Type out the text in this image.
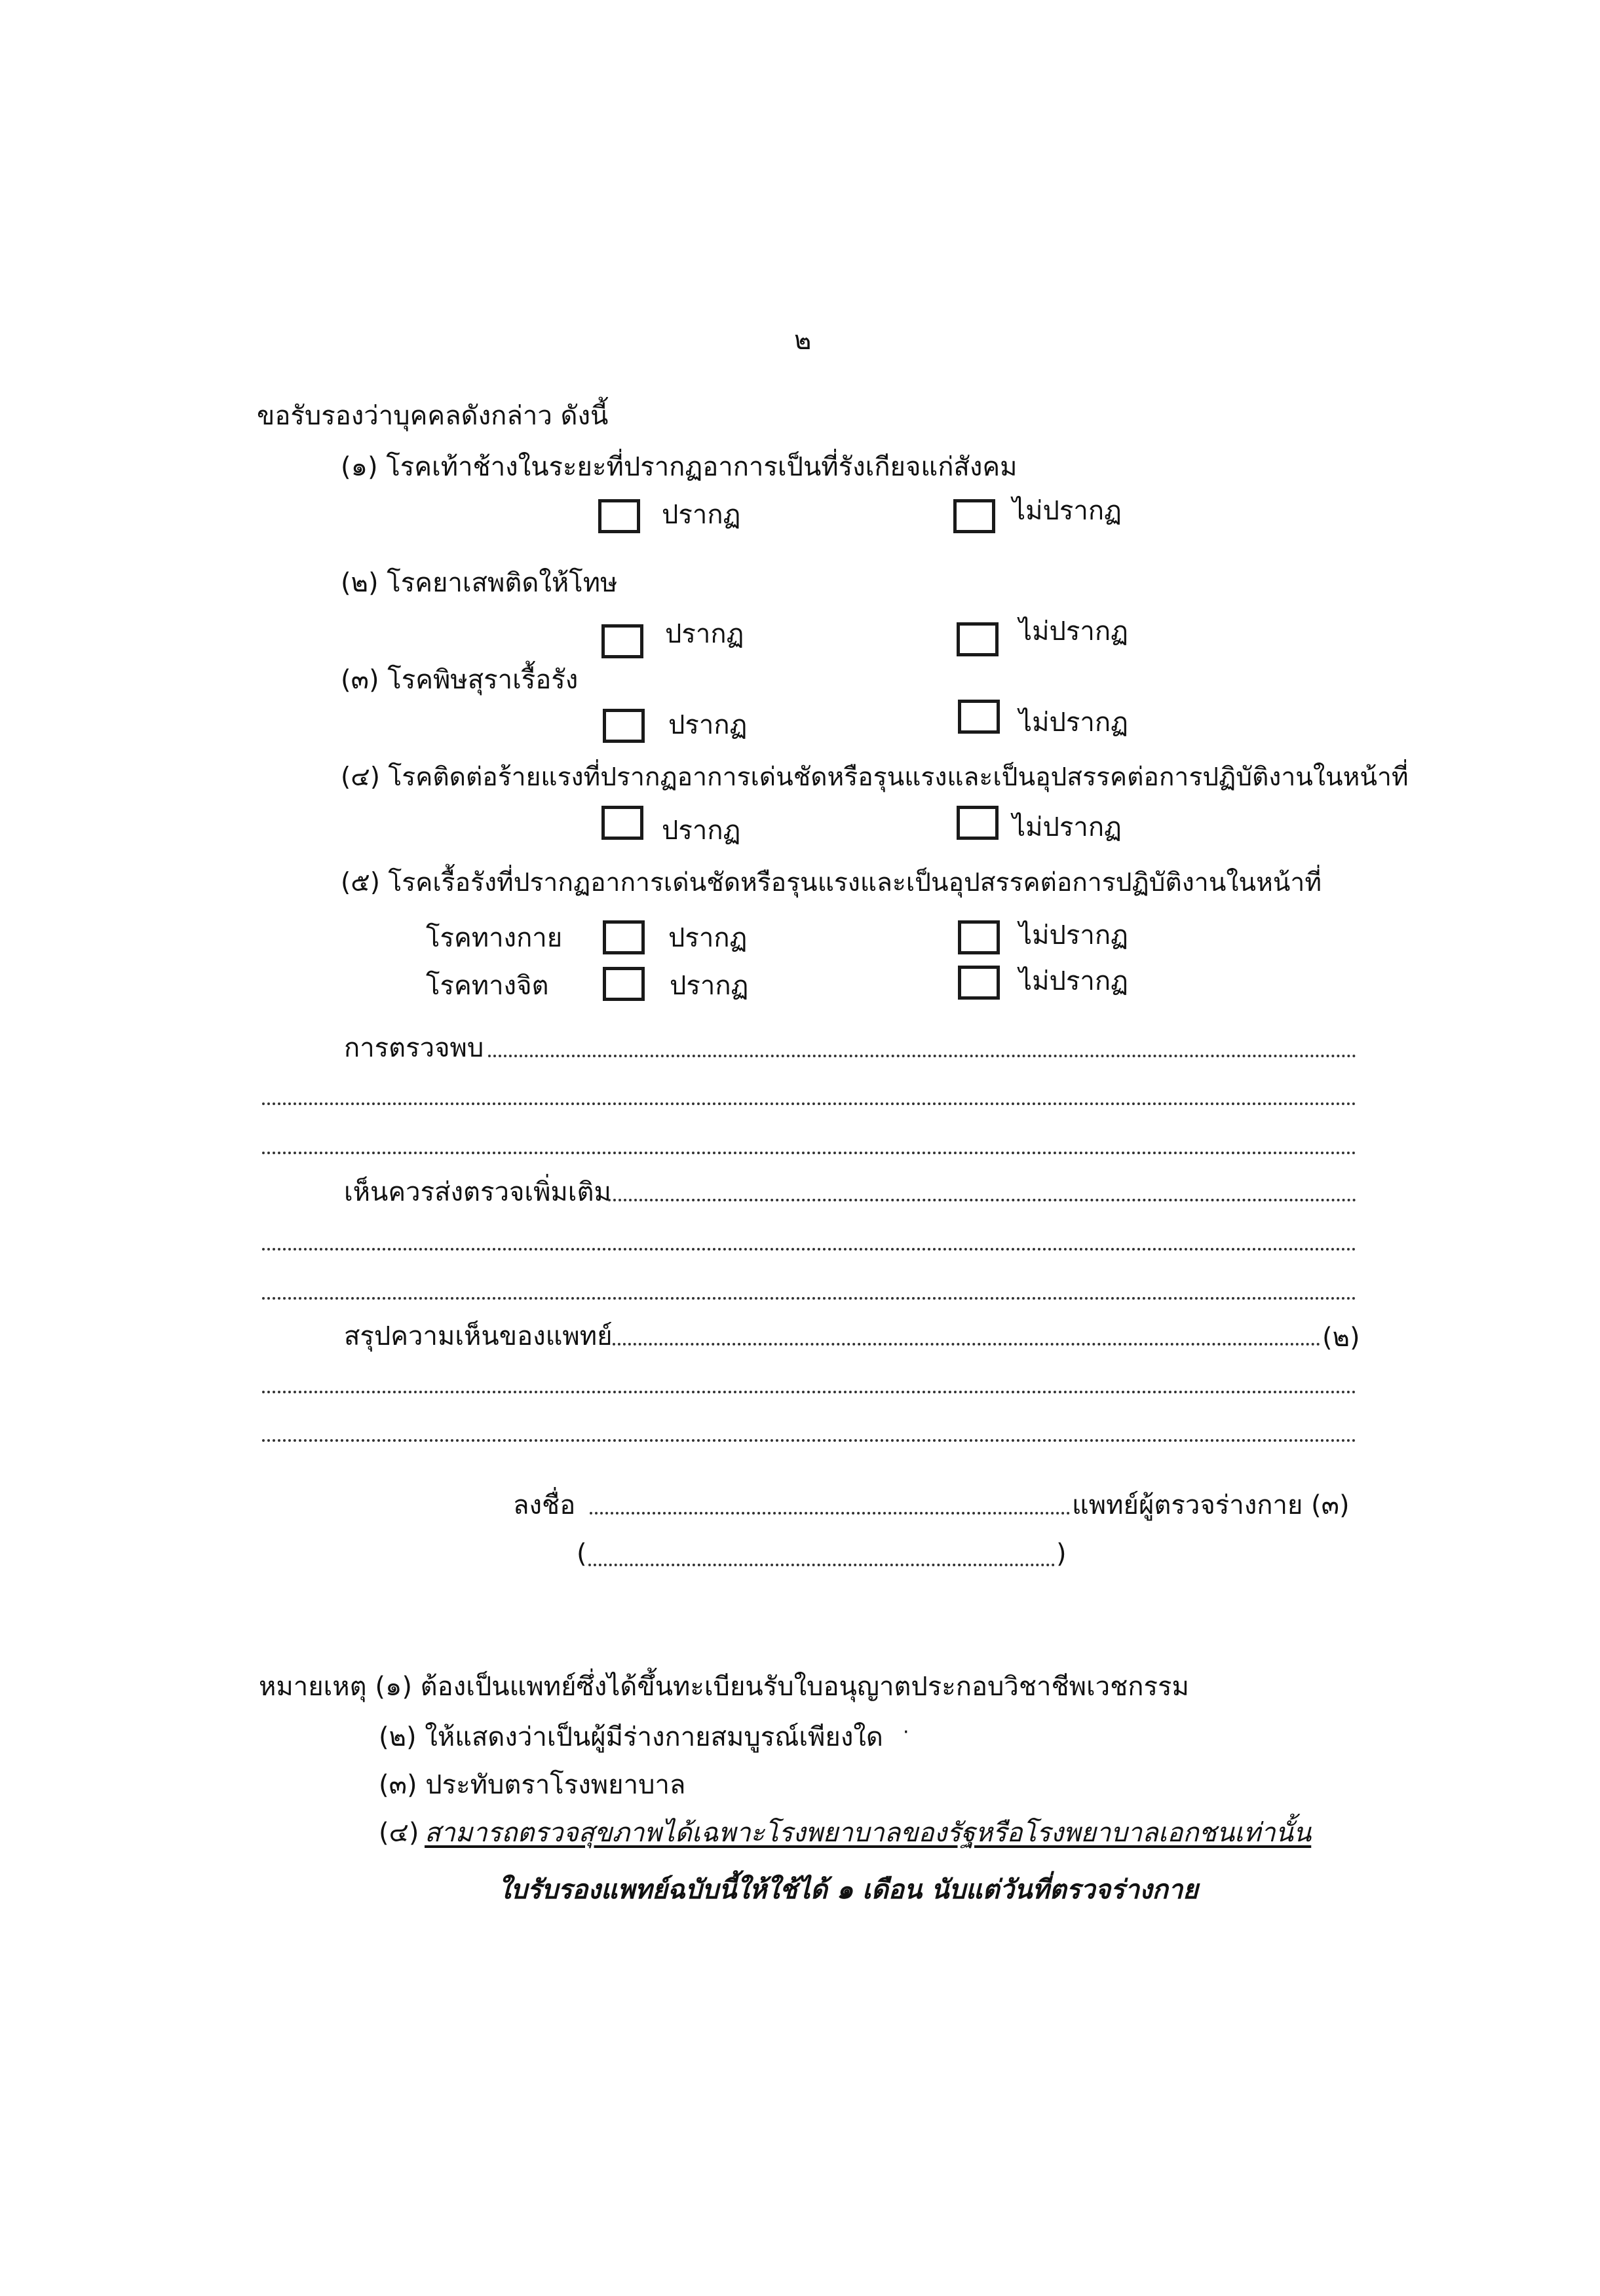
๒
ขอรับรองว่าบุคคลดังกล่าว ดังนี้
(๑) โรคเท้าช้างในระยะที่ปรากฏอาการเป็นที่รังเกียจแก่สังคม
ปรากฏ	ไม่ปรากฏ
(๒) โรคยาเสพติดให้โทษ
ปรากฏ	ไม่ปรากฏ
(๓) โรคพิษสุราเรื้อรัง
ปรากฏ	ไม่ปรากฏ
(๔) โรคติดต่อร้ายแรงที่ปรากฏอาการเด่นชัดหรือรุนแรงและเป็นอุปสรรคต่อการปฏิบัติงานในหน้าที่
ปรากฏ	ไม่ปรากฏ
(๕) โรคเรื้อรังที่ปรากฏอาการเด่นชัดหรือรุนแรงและเป็นอุปสรรคต่อการปฏิบัติงานในหน้าที่
โรคทางกาย	ปรากฏ	ไม่ปรากฏ
โรคทางจิต	ปรากฏ	ไม่ปรากฏ
การตรวจพบ
เห็นควรส่งตรวจเพิ่มเติม
สรุปความเห็นของแพทย์	(๒)
ลงชื่อ	แพทย์ผู้ตรวจร่างกาย (๓)
(	)
หมายเหตุ (๑) ต้องเป็นแพทย์ซึ่งได้ขึ้นทะเบียนรับใบอนุญาตประกอบวิชาชีพเวชกรรม
(๒) ให้แสดงว่าเป็นผู้มีร่างกายสมบูรณ์เพียงใด ·
(๓) ประทับตราโรงพยาบาล
(๔) สามารถตรวจสุขภาพได้เฉพาะโรงพยาบาลของรัฐหรือโรงพยาบาลเอกชนเท่านั้น
ใบรับรองแพทย์ฉบับนี้ให้ใช้ได้ ๑ เดือน นับแต่วันที่ตรวจร่างกาย
